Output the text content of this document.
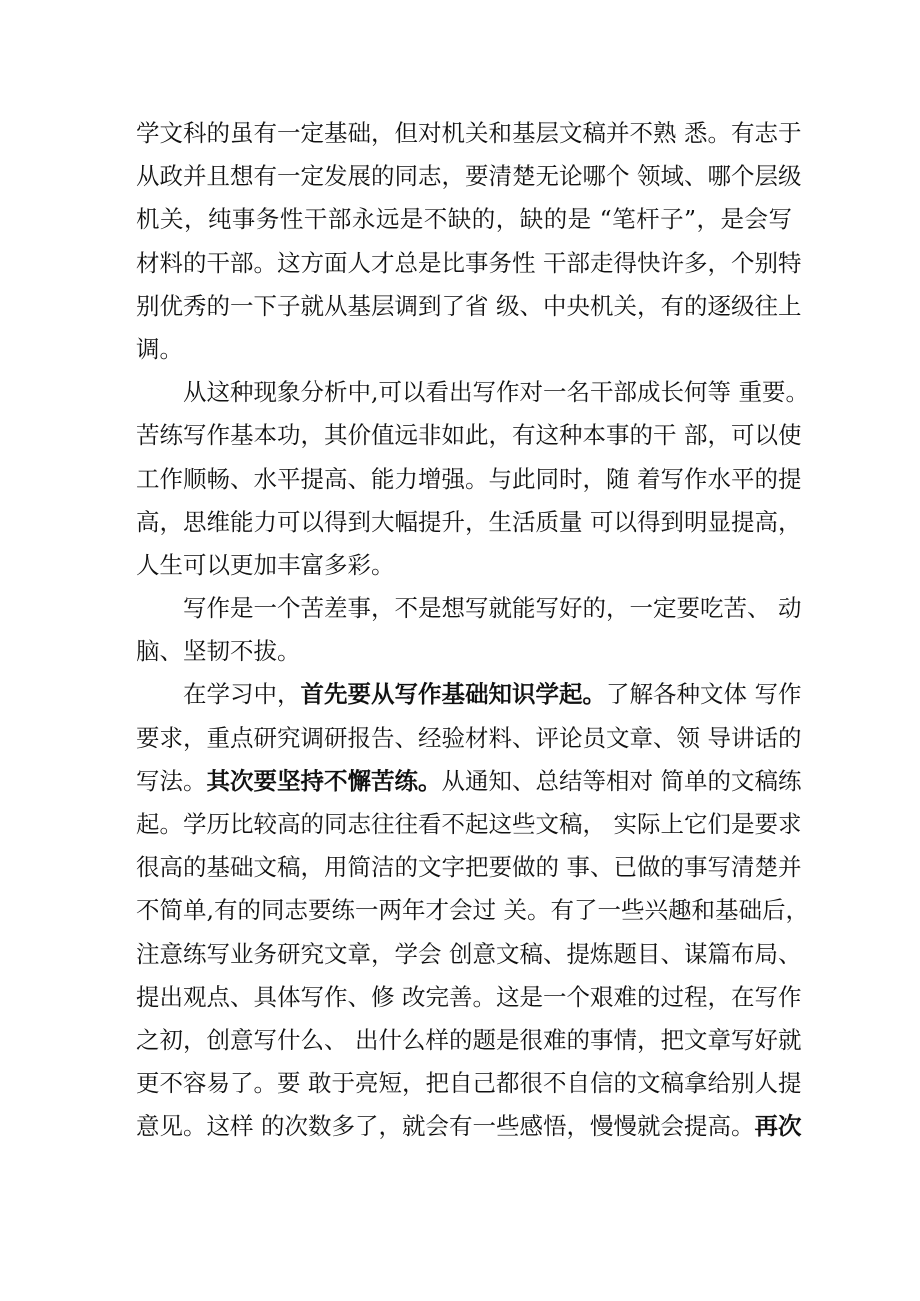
学文科的虽有一定基础，但对机关和基层文稿并不熟 悉。有志于
从政并且想有一定发展的同志，要清楚无论哪个 领域、哪个层级
机关，纯事务性干部永远是不缺的，缺的是 “笔杆子”，是会写
材料的干部。这方面人才总是比事务性 干部走得快许多，个别特
别优秀的一下子就从基层调到了省 级、中央机关，有的逐级往上
调。
从这种现象分析中,可以看出写作对一名干部成长何等 重要。
苦练写作基本功，其价值远非如此，有这种本事的干 部，可以使
工作顺畅、水平提高、能力增强。与此同时，随 着写作水平的提
高，思维能力可以得到大幅提升，生活质量 可以得到明显提高，
人生可以更加丰富多彩。
写作是一个苦差事，不是想写就能写好的，一定要吃苦、 动
脑、坚韧不拔。
在学习中，首先要从写作基础知识学起。了解各种文体 写作
要求，重点研究调研报告、经验材料、评论员文章、领 导讲话的
写法。其次要坚持不懈苦练。从通知、总结等相对 简单的文稿练
起。学历比较高的同志往往看不起这些文稿， 实际上它们是要求
很高的基础文稿，用简洁的文字把要做的 事、已做的事写清楚并
不简单,有的同志要练一两年才会过 关。有了一些兴趣和基础后，
注意练写业务研究文章，学会 创意文稿、提炼题目、谋篇布局、
提出观点、具体写作、修 改完善。这是一个艰难的过程，在写作
之初，创意写什么、 出什么样的题是很难的事情，把文章写好就
更不容易了。要 敢于亮短，把自己都很不自信的文稿拿给别人提
意见。这样 的次数多了，就会有一些感悟，慢慢就会提高。再次
